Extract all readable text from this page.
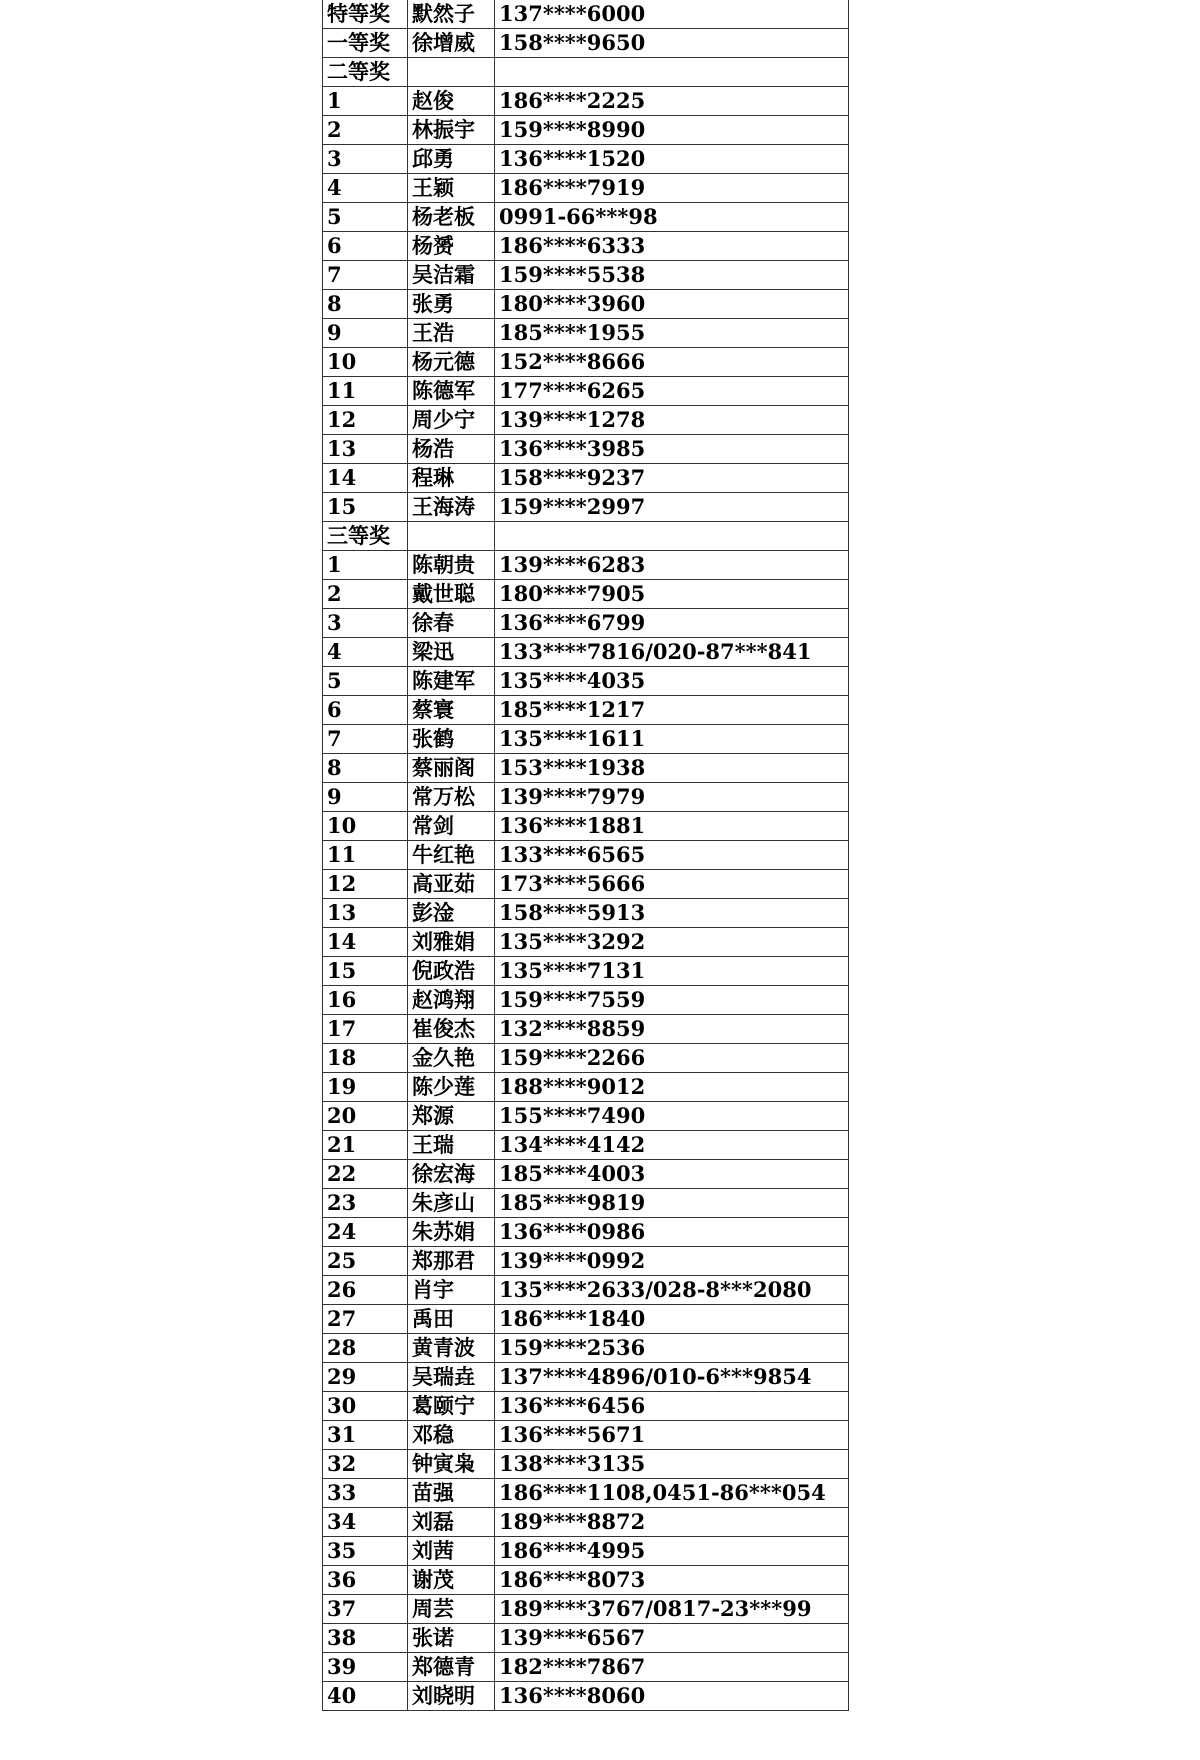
特等奖	默然子	137****6000
一等奖	徐增威	158****9650
二等奖		
1	赵俊	186****2225
2	林振宇	159****8990
3	邱勇	136****1520
4	王颖	186****7919
5	杨老板	0991-66***98
6	杨赟	186****6333
7	吴洁霜	159****5538
8	张勇	180****3960
9	王浩	185****1955
10	杨元德	152****8666
11	陈德军	177****6265
12	周少宁	139****1278
13	杨浩	136****3985
14	程琳	158****9237
15	王海涛	159****2997
三等奖		
1	陈朝贵	139****6283
2	戴世聪	180****7905
3	徐春	136****6799
4	梁迅	133****7816/020-87***841
5	陈建军	135****4035
6	蔡寰	185****1217
7	张鹤	135****1611
8	蔡丽阁	153****1938
9	常万松	139****7979
10	常剑	136****1881
11	牛红艳	133****6565
12	高亚茹	173****5666
13	彭淦	158****5913
14	刘雅娟	135****3292
15	倪政浩	135****7131
16	赵鸿翔	159****7559
17	崔俊杰	132****8859
18	金久艳	159****2266
19	陈少莲	188****9012
20	郑源	155****7490
21	王瑞	134****4142
22	徐宏海	185****4003
23	朱彦山	185****9819
24	朱苏娟	136****0986
25	郑那君	139****0992
26	肖宇	135****2633/028-8***2080
27	禹田	186****1840
28	黄青波	159****2536
29	吴瑞垚	137****4896/010-6***9854
30	葛颐宁	136****6456
31	邓稳	136****5671
32	钟寅枭	138****3135
33	苗强	186****1108,0451-86***054
34	刘磊	189****8872
35	刘茜	186****4995
36	谢茂	186****8073
37	周芸	189****3767/0817-23***99
38	张诺	139****6567
39	郑德青	182****7867
40	刘晓明	136****8060
